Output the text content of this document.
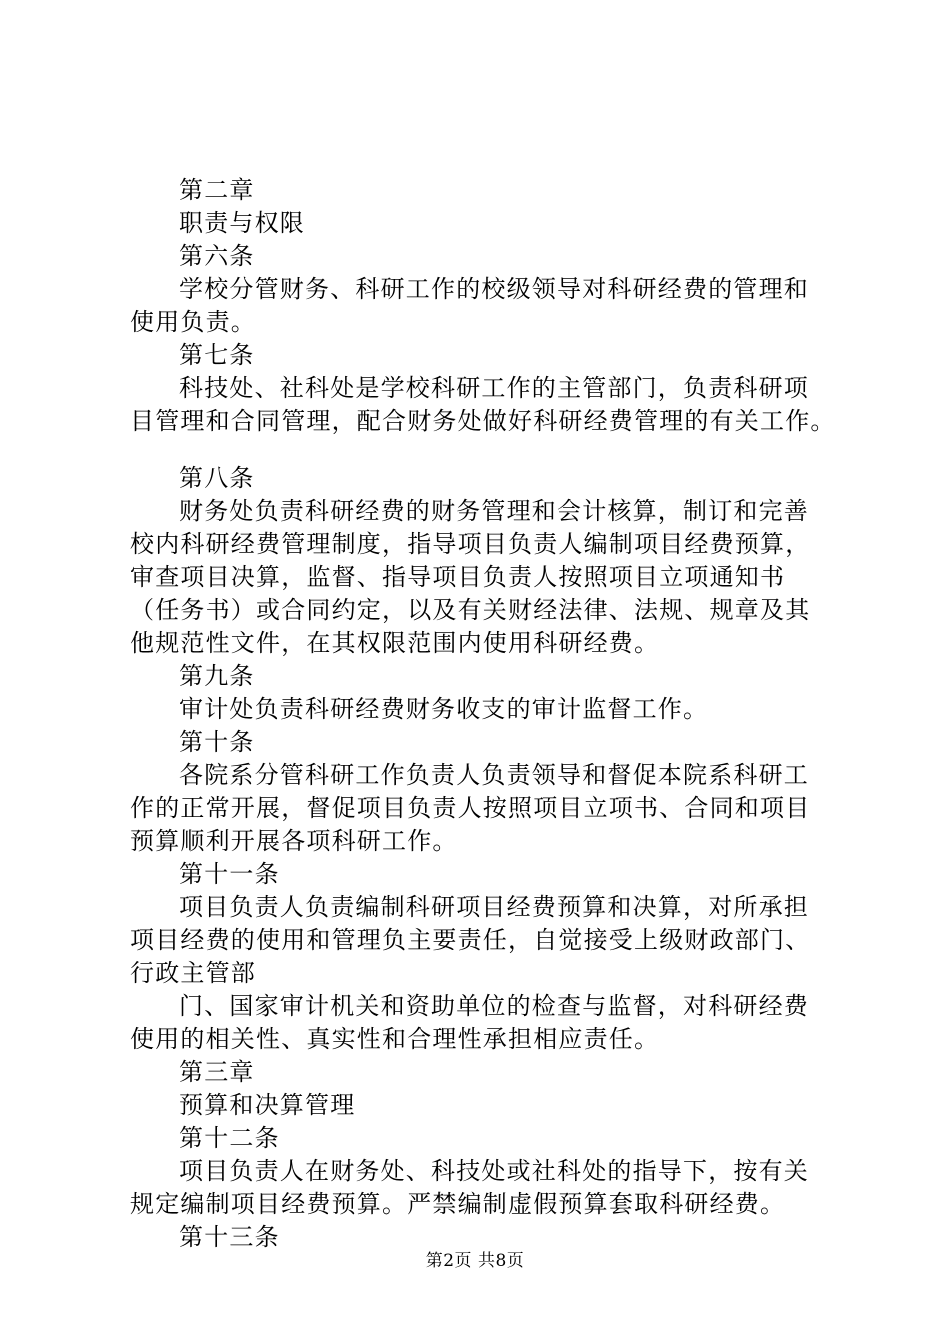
第二章
职责与权限
第六条
学校分管财务、科研工作的校级领导对科研经费的管理和
使用负责。
第七条
科技处、社科处是学校科研工作的主管部门，负责科研项
目管理和合同管理，配合财务处做好科研经费管理的有关工作。
第八条
财务处负责科研经费的财务管理和会计核算，制订和完善
校内科研经费管理制度，指导项目负责人编制项目经费预算，
审查项目决算，监督、指导项目负责人按照项目立项通知书
（任务书）或合同约定，以及有关财经法律、法规、规章及其
他规范性文件，在其权限范围内使用科研经费。
第九条
审计处负责科研经费财务收支的审计监督工作。
第十条
各院系分管科研工作负责人负责领导和督促本院系科研工
作的正常开展，督促项目负责人按照项目立项书、合同和项目
预算顺利开展各项科研工作。
第十一条
项目负责人负责编制科研项目经费预算和决算，对所承担
项目经费的使用和管理负主要责任，自觉接受上级财政部门、
行政主管部
门、国家审计机关和资助单位的检查与监督，对科研经费
使用的相关性、真实性和合理性承担相应责任。
第三章
预算和决算管理
第十二条
项目负责人在财务处、科技处或社科处的指导下，按有关
规定编制项目经费预算。严禁编制虚假预算套取科研经费。
第十三条
第2页 共8页
